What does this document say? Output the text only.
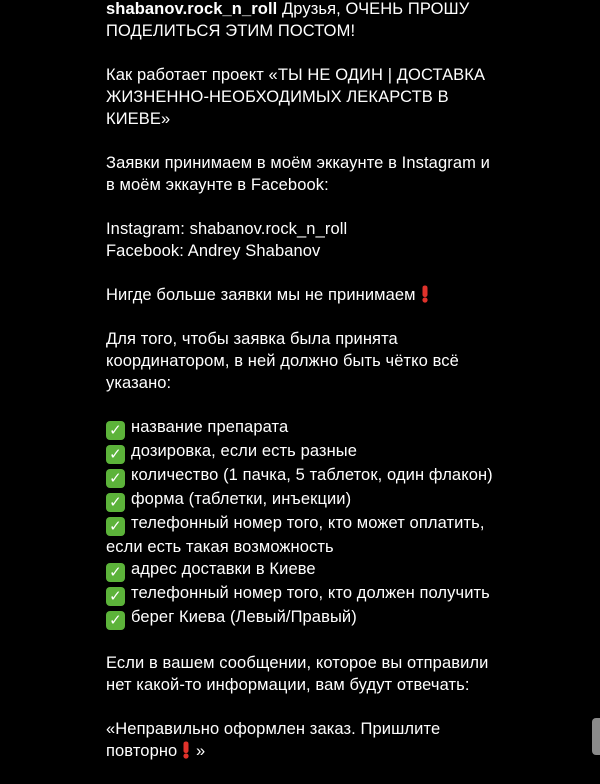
shabanov.rock_n_roll Друзья, ОЧЕНЬ ПРОШУ
ПОДЕЛИТЬСЯ ЭТИМ ПОСТОМ!
Как работает проект «ТЫ НЕ ОДИН | ДОСТАВКА
ЖИЗНЕННО-НЕОБХОДИМЫХ ЛЕКАРСТВ В
КИЕВЕ»
Заявки принимаем в моём эккаунте в Instagram и
в моём эккаунте в Facebook:
Instagram: shabanov.rock_n_roll
Facebook: Andrey Shabanov
Нигде больше заявки мы не принимаем
Для того, чтобы заявка была принята
координатором, в ней должно быть чётко всё
указано:
✓ название препарата
✓ дозировка, если есть разные
✓ количество (1 пачка, 5 таблеток, один флакон)
✓ форма (таблетки, инъекции)
✓ телефонный номер того, кто может оплатить,
если есть такая возможность
✓ адрес доставки в Киеве
✓ телефонный номер того, кто должен получить
✓ берег Киева (Левый/Правый)
Если в вашем сообщении, которое вы отправили
нет какой-то информации, вам будут отвечать:
«Неправильно оформлен заказ. Пришлите
повторно »
